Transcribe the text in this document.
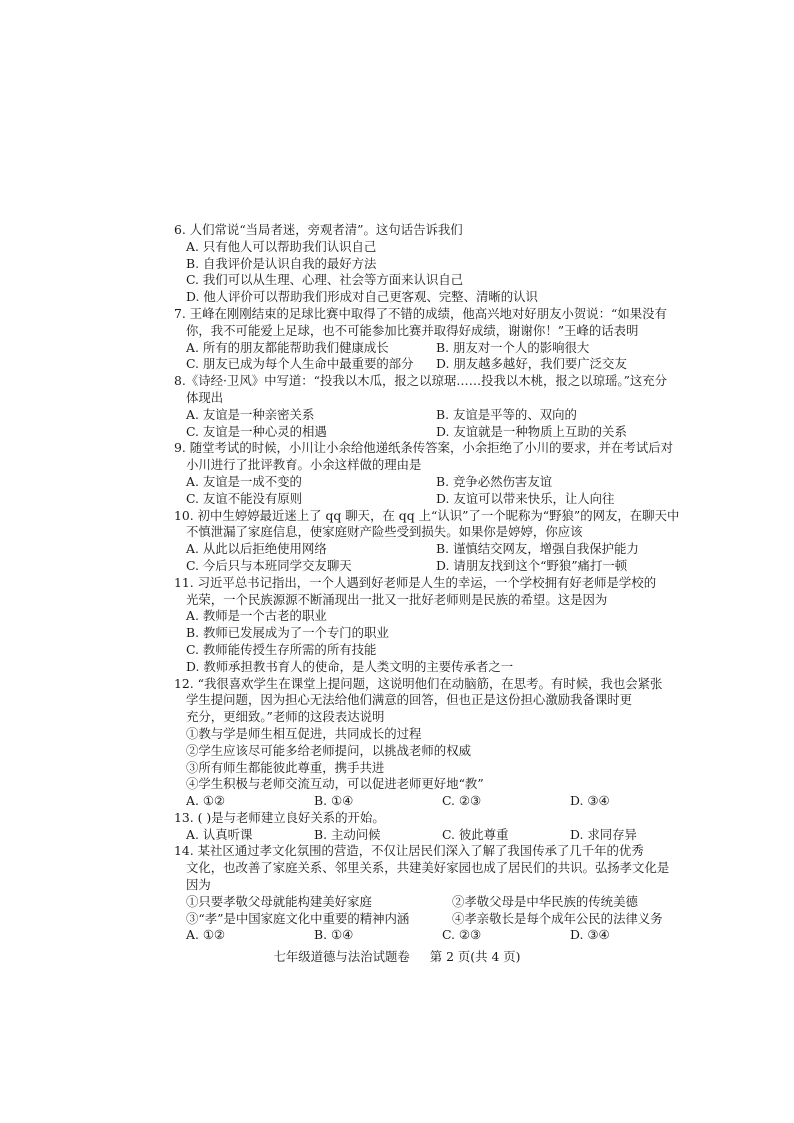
6. 人们常说“当局者迷，旁观者清”。这句话告诉我们
A. 只有他人可以帮助我们认识自己
B. 自我评价是认识自我的最好方法
C. 我们可以从生理、心理、社会等方面来认识自己
D. 他人评价可以帮助我们形成对自己更客观、完整、清晰的认识
7. 王峰在刚刚结束的足球比赛中取得了不错的成绩，他高兴地对好朋友小贺说：“如果没有
你，我不可能爱上足球，也不可能参加比赛并取得好成绩，谢谢你！”王峰的话表明
A. 所有的朋友都能帮助我们健康成长	B. 朋友对一个人的影响很大
C. 朋友已成为每个人生命中最重要的部分	D. 朋友越多越好，我们要广泛交友
8.《诗经·卫风》中写道：“投我以木瓜，报之以琼琚……投我以木桃，报之以琼瑶。”这充分
体现出
A. 友谊是一种亲密关系	B. 友谊是平等的、双向的
C. 友谊是一种心灵的相遇	D. 友谊就是一种物质上互助的关系
9. 随堂考试的时候，小川让小余给他递纸条传答案，小余拒绝了小川的要求，并在考试后对
小川进行了批评教育。小余这样做的理由是
A. 友谊是一成不变的	B. 竞争必然伤害友谊
C. 友谊不能没有原则	D. 友谊可以带来快乐，让人向往
10. 初中生婷婷最近迷上了 qq 聊天，在 qq 上“认识”了一个昵称为“野狼”的网友，在聊天中
不慎泄漏了家庭信息，使家庭财产险些受到损失。如果你是婷婷，你应该
A. 从此以后拒绝使用网络	B. 谨慎结交网友，增强自我保护能力
C. 今后只与本班同学交友聊天	D. 请朋友找到这个“野狼”痛打一顿
11. 习近平总书记指出，一个人遇到好老师是人生的幸运，一个学校拥有好老师是学校的
光荣，一个民族源源不断涌现出一批又一批好老师则是民族的希望。这是因为
A. 教师是一个古老的职业
B. 教师已发展成为了一个专门的职业
C. 教师能传授生存所需的所有技能
D. 教师承担教书育人的使命，是人类文明的主要传承者之一
12. “我很喜欢学生在课堂上提问题，这说明他们在动脑筋，在思考。有时候，我也会紧张
学生提问题，因为担心无法给他们满意的回答，但也正是这份担心激励我备课时更
充分，更细致。”老师的这段表达说明
①教与学是师生相互促进，共同成长的过程
②学生应该尽可能多给老师提问，以挑战老师的权威
③所有师生都能彼此尊重，携手共进
④学生积极与老师交流互动，可以促进老师更好地“教”
A. ①②	B. ①④	C. ②③	D. ③④
13. ( )是与老师建立良好关系的开始。
A. 认真听课	B. 主动问候	C. 彼此尊重	D. 求同存异
14. 某社区通过孝文化氛围的营造，不仅让居民们深入了解了我国传承了几千年的优秀
文化，也改善了家庭关系、邻里关系，共建美好家园也成了居民们的共识。弘扬孝文化是
因为
①只要孝敬父母就能构建美好家庭	②孝敬父母是中华民族的传统美德
③“孝”是中国家庭文化中重要的精神内涵	④孝亲敬长是每个成年公民的法律义务
A. ①②	B. ①④	C. ②③	D. ③④
七年级道德与法治试题卷 第 2 页(共 4 页)
